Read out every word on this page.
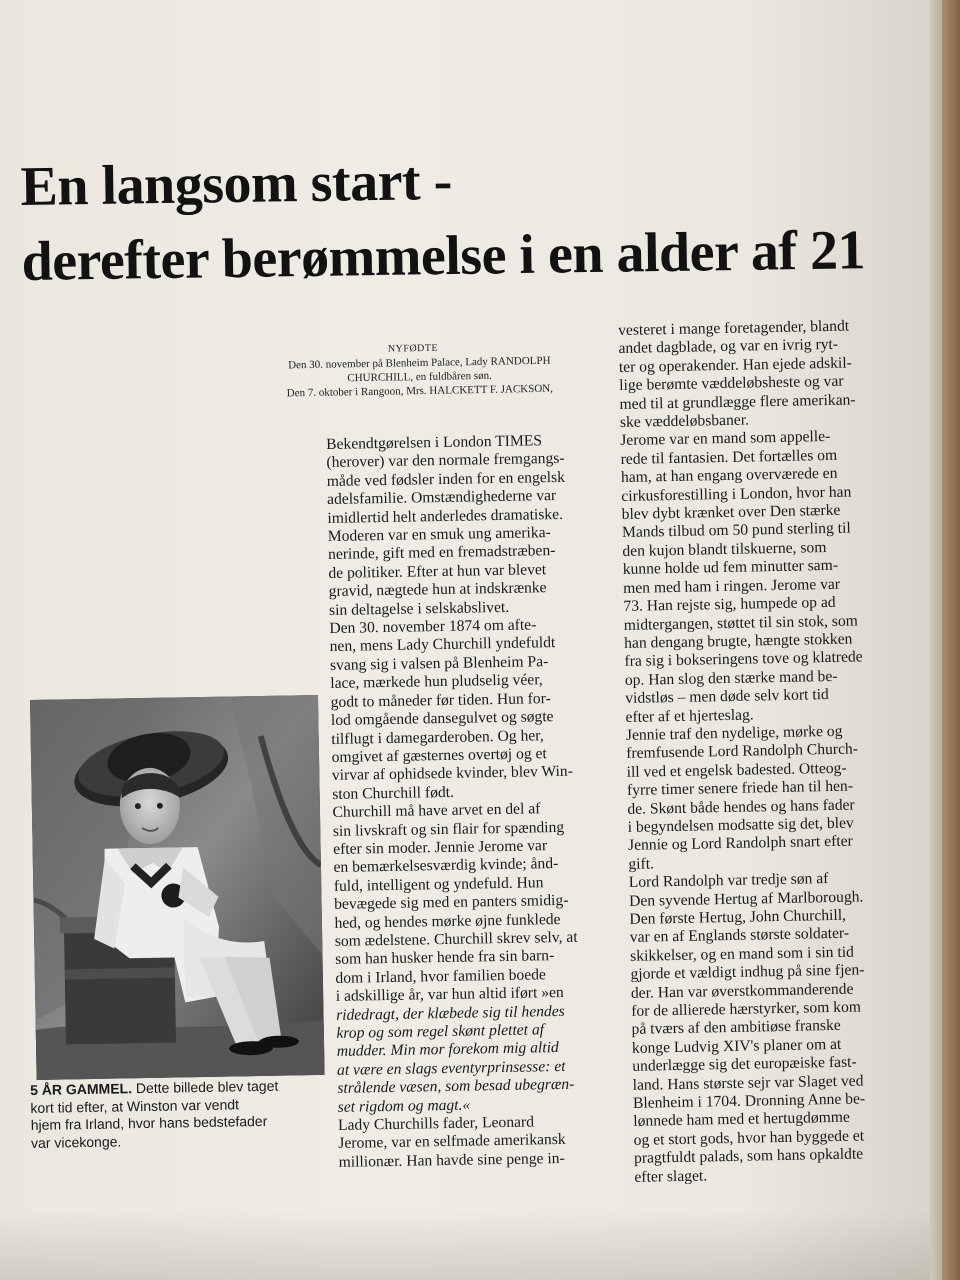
En langsom start -
derefter berømmelse i en alder af 21
NYFØDTE
Den 30. november på Blenheim Palace, Lady RANDOLPH
CHURCHILL, en fuldbåren søn.
Den 7. oktober i Rangoon, Mrs. HALCKETT F. JACKSON,
Bekendtgørelsen i London TIMES
(herover) var den normale fremgangs-
måde ved fødsler inden for en engelsk
adelsfamilie. Omstændighederne var
imidlertid helt anderledes dramatiske.
Moderen var en smuk ung amerika-
nerinde, gift med en fremadstræben-
de politiker. Efter at hun var blevet
gravid, nægtede hun at indskrænke
sin deltagelse i selskabslivet.
Den 30. november 1874 om afte-
nen, mens Lady Churchill yndefuldt
svang sig i valsen på Blenheim Pa-
lace, mærkede hun pludselig véer,
godt to måneder før tiden. Hun for-
lod omgående dansegulvet og søgte
tilflugt i damegarderoben. Og her,
omgivet af gæsternes overtøj og et
virvar af ophidsede kvinder, blev Win-
ston Churchill født.
Churchill må have arvet en del af
sin livskraft og sin flair for spænding
efter sin moder. Jennie Jerome var
en bemærkelsesværdig kvinde; ånd-
fuld, intelligent og yndefuld. Hun
bevægede sig med en panters smidig-
hed, og hendes mørke øjne funklede
som ædelstene. Churchill skrev selv, at
som han husker hende fra sin barn-
dom i Irland, hvor familien boede
i adskillige år, var hun altid iført »en
ridedragt, der klæbede sig til hendes
krop og som regel skønt plettet af
mudder. Min mor forekom mig altid
at være en slags eventyrprinsesse: et
strålende væsen, som besad ubegræn-
set rigdom og magt.«
Lady Churchills fader, Leonard
Jerome, var en selfmade amerikansk
millionær. Han havde sine penge in-
vesteret i mange foretagender, blandt
andet dagblade, og var en ivrig ryt-
ter og operakender. Han ejede adskil-
lige berømte væddeløbsheste og var
med til at grundlægge flere amerikan-
ske væddeløbsbaner.
Jerome var en mand som appelle-
rede til fantasien. Det fortælles om
ham, at han engang overværede en
cirkusforestilling i London, hvor han
blev dybt krænket over Den stærke
Mands tilbud om 50 pund sterling til
den kujon blandt tilskuerne, som
kunne holde ud fem minutter sam-
men med ham i ringen. Jerome var
73. Han rejste sig, humpede op ad
midtergangen, støttet til sin stok, som
han dengang brugte, hængte stokken
fra sig i bokseringens tove og klatrede
op. Han slog den stærke mand be-
vidstløs – men døde selv kort tid
efter af et hjerteslag.
Jennie traf den nydelige, mørke og
fremfusende Lord Randolph Church-
ill ved et engelsk badested. Otteog-
fyrre timer senere friede han til hen-
de. Skønt både hendes og hans fader
i begyndelsen modsatte sig det, blev
Jennie og Lord Randolph snart efter
gift.
Lord Randolph var tredje søn af
Den syvende Hertug af Marlborough.
Den første Hertug, John Churchill,
var en af Englands største soldater-
skikkelser, og en mand som i sin tid
gjorde et vældigt indhug på sine fjen-
der. Han var øverstkommanderende
for de allierede hærstyrker, som kom
på tværs af den ambitiøse franske
konge Ludvig XIV's planer om at
underlægge sig det europæiske fast-
land. Hans største sejr var Slaget ved
Blenheim i 1704. Dronning Anne be-
lønnede ham med et hertugdømme
og et stort gods, hvor han byggede et
pragtfuldt palads, som hans opkaldte
efter slaget.
5 ÅR GAMMEL. Dette billede blev taget
kort tid efter, at Winston var vendt
hjem fra Irland, hvor hans bedstefader
var vicekonge.
